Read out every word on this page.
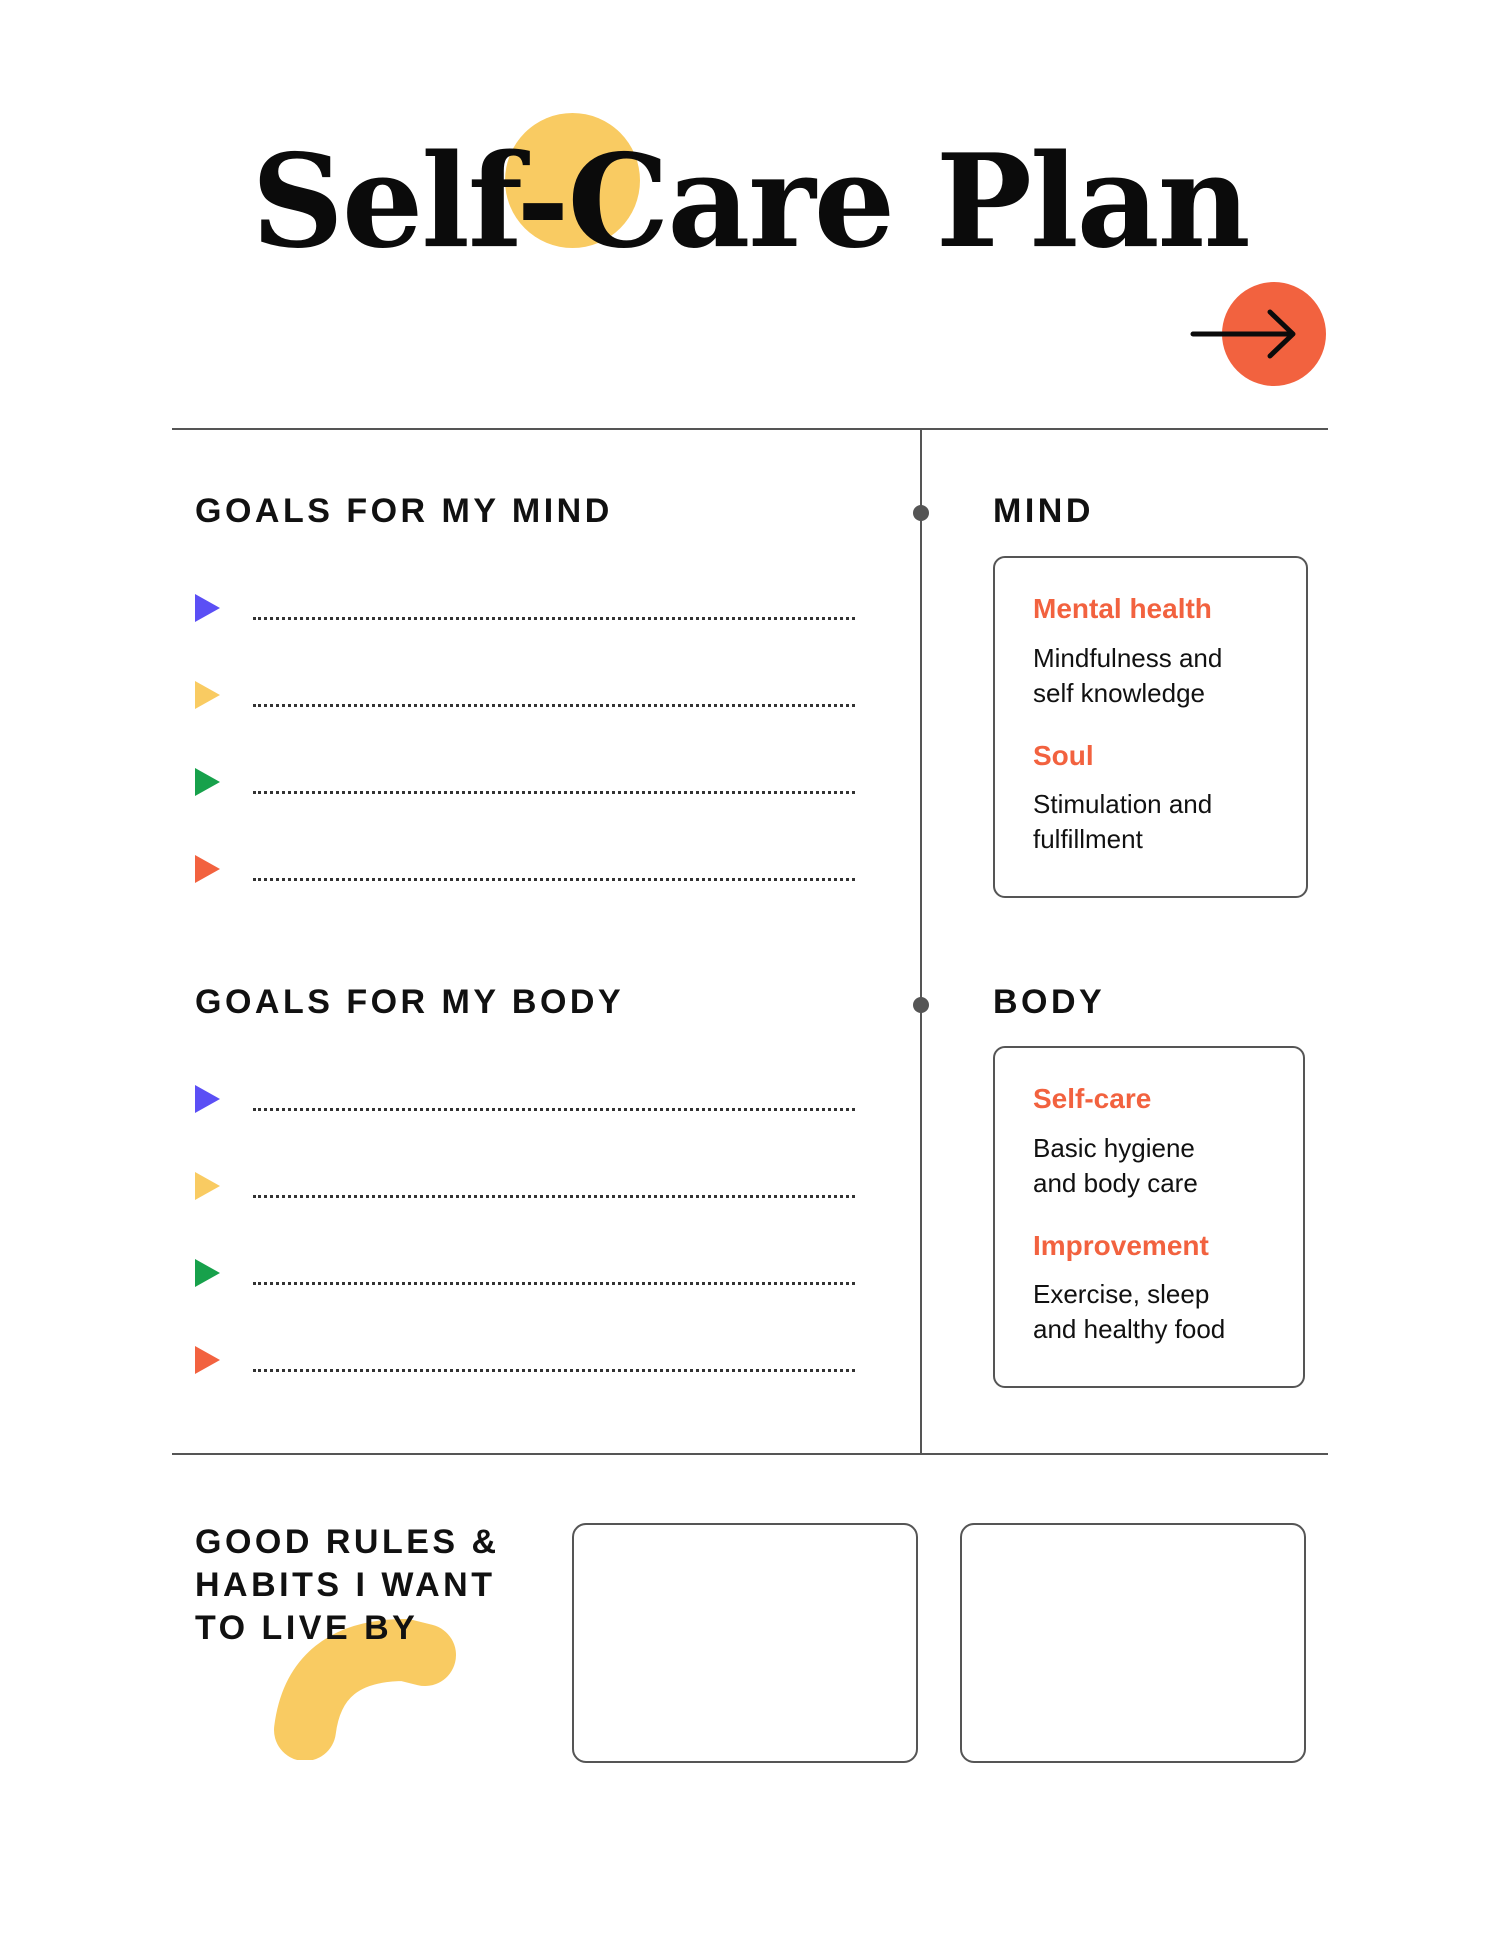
Self-Care Plan
GOALS FOR MY MIND
GOALS FOR MY BODY
MIND
Mental health
Mindfulness and
self knowledge
Soul
Stimulation and
fulfillment
BODY
Self-care
Basic hygiene
and body care
Improvement
Exercise, sleep
and healthy food
GOOD RULES &
HABITS I WANT
TO LIVE BY
